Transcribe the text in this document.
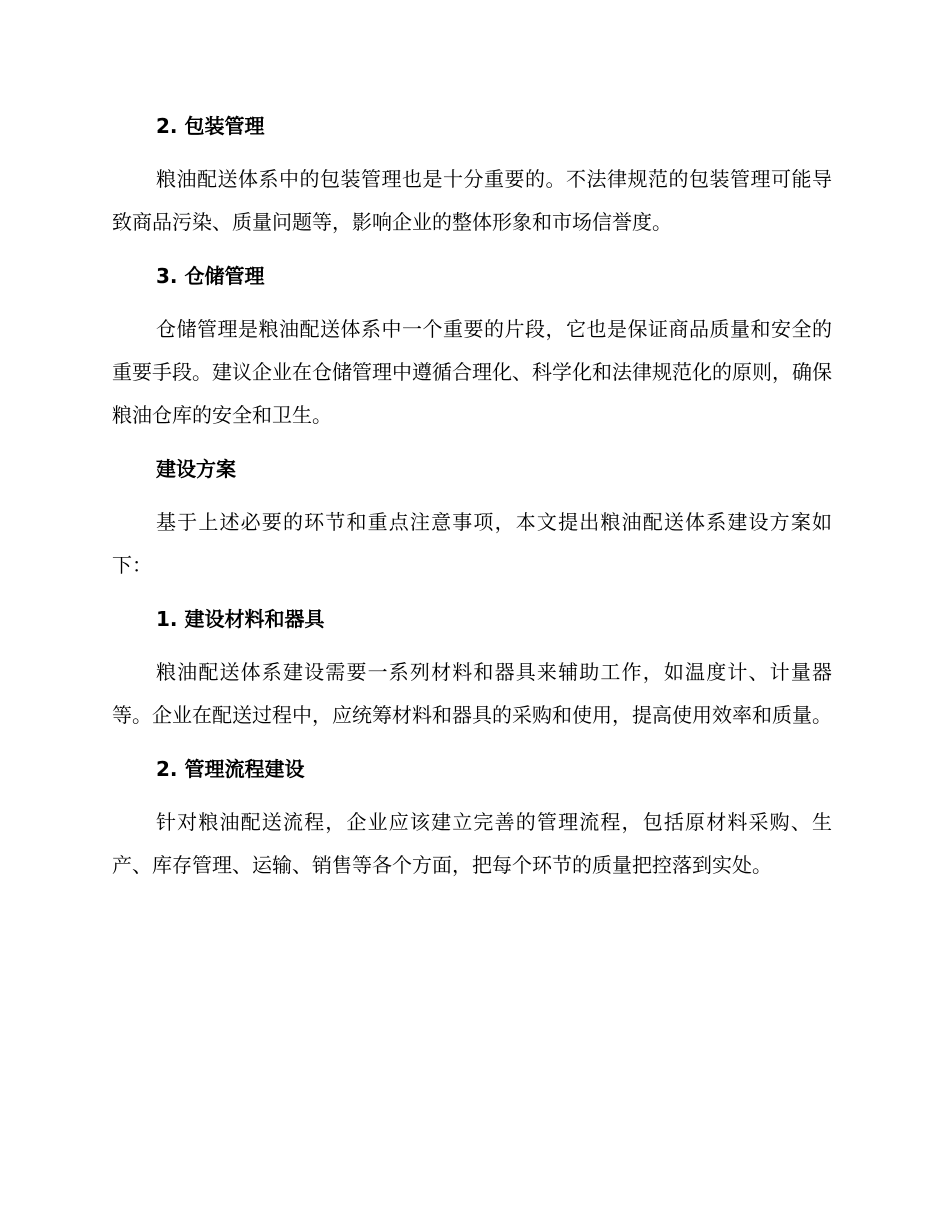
2. 包装管理

粮油配送体系中的包装管理也是十分重要的。不法律规范的包装管理可能导致商品污染、质量问题等，影响企业的整体形象和市场信誉度。

3. 仓储管理

仓储管理是粮油配送体系中一个重要的片段，它也是保证商品质量和安全的重要手段。建议企业在仓储管理中遵循合理化、科学化和法律规范化的原则，确保粮油仓库的安全和卫生。

建设方案

基于上述必要的环节和重点注意事项，本文提出粮油配送体系建设方案如下：

1. 建设材料和器具

粮油配送体系建设需要一系列材料和器具来辅助工作，如温度计、计量器等。企业在配送过程中，应统筹材料和器具的采购和使用，提高使用效率和质量。

2. 管理流程建设

针对粮油配送流程，企业应该建立完善的管理流程，包括原材料采购、生产、库存管理、运输、销售等各个方面，把每个环节的质量把控落到实处。
